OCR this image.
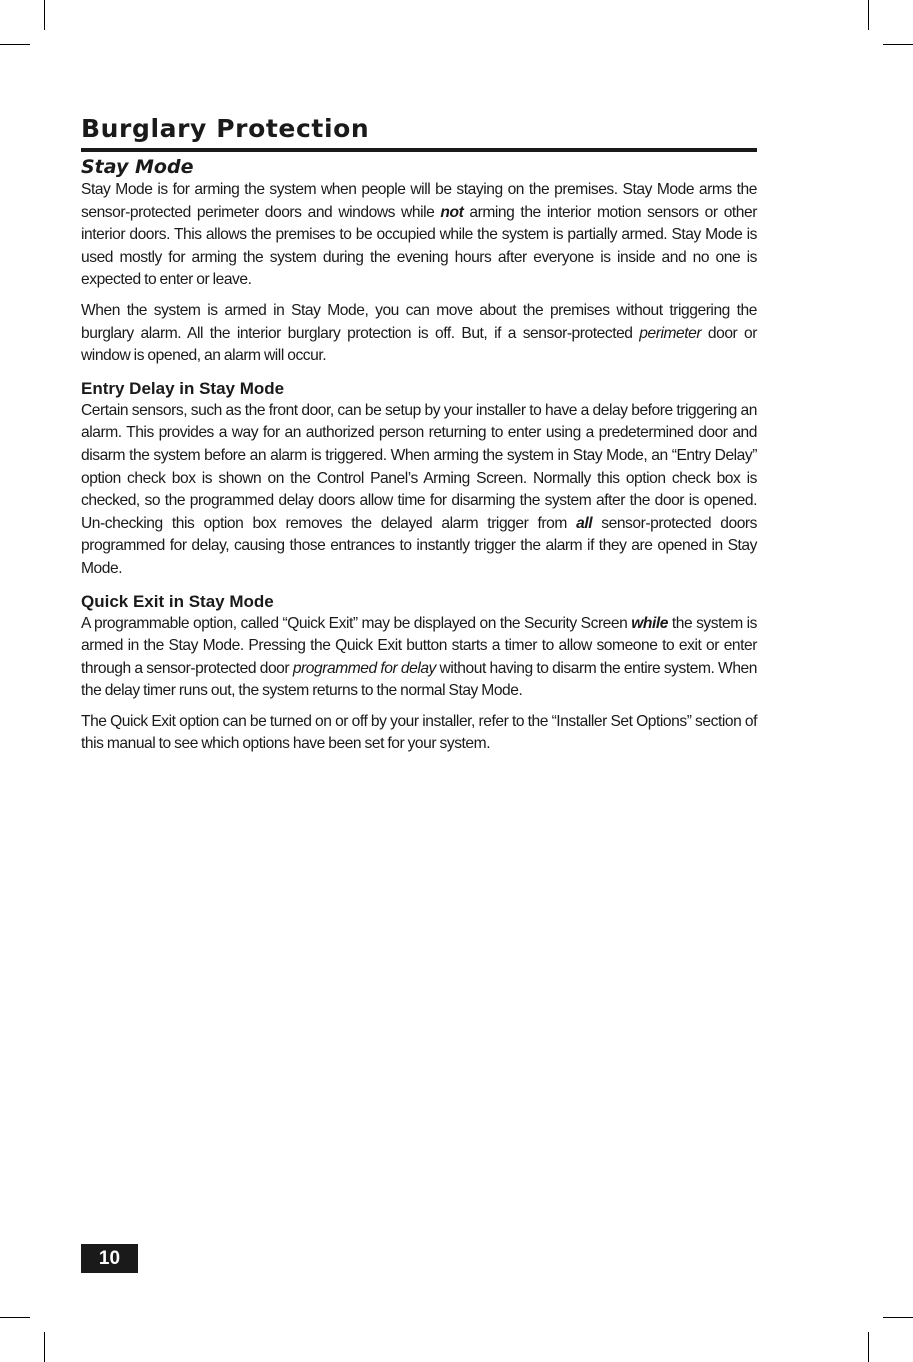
Burglary Protection
Stay Mode

Stay Mode is for arming the system when people will be staying on the premises. Stay Mode arms the sensor-protected perimeter doors and windows while not arming the interior motion sensors or other interior doors. This allows the premises to be occupied while the system is partially armed. Stay Mode is used mostly for arming the system during the evening hours after everyone is inside and no one is expected to enter or leave.

When the system is armed in Stay Mode, you can move about the premises without triggering the burglary alarm. All the interior burglary protection is off. But, if a sensor-protected perimeter door or window is opened, an alarm will occur.

Entry Delay in Stay Mode

Certain sensors, such as the front door, can be setup by your installer to have a delay before triggering an alarm. This provides a way for an authorized person returning to enter using a predetermined door and disarm the system before an alarm is triggered. When arming the system in Stay Mode, an “Entry Delay” option check box is shown on the Control Panel’s Arming Screen. Normally this option check box is checked, so the programmed delay doors allow time for disarming the system after the door is opened. Un-checking this option box removes the delayed alarm trigger from all sensor-protected doors programmed for delay, causing those entrances to instantly trigger the alarm if they are opened in Stay Mode.

Quick Exit in Stay Mode

A programmable option, called “Quick Exit” may be displayed on the Security Screen while the system is armed in the Stay Mode. Pressing the Quick Exit button starts a timer to allow someone to exit or enter through a sensor-protected door programmed for delay without having to disarm the entire system. When the delay timer runs out, the system returns to the normal Stay Mode.

The Quick Exit option can be turned on or off by your installer, refer to the “Installer Set Options” section of this manual to see which options have been set for your system.

10
